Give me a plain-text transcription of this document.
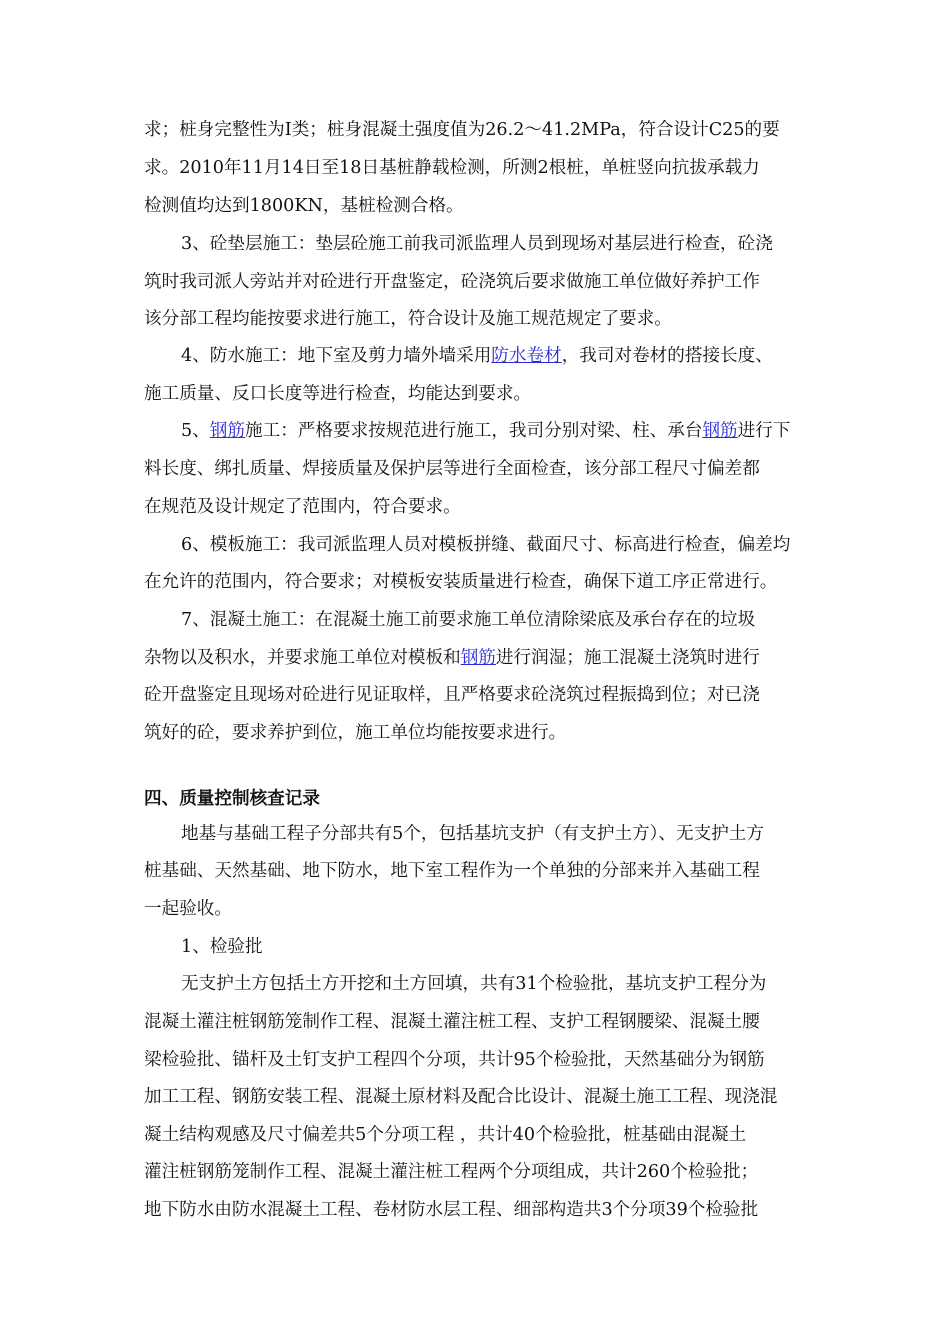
求；桩身完整性为Ⅰ类；桩身混凝土强度值为26.2～41.2MPa，符合设计C25的要
求。2010年11月14日至18日基桩静载检测，所测2根桩，单桩竖向抗拔承载力
检测值均达到1800KN，基桩检测合格。
3、砼垫层施工：垫层砼施工前我司派监理人员到现场对基层进行检查，砼浇
筑时我司派人旁站并对砼进行开盘鉴定，砼浇筑后要求做施工单位做好养护工作
该分部工程均能按要求进行施工，符合设计及施工规范规定了要求。
4、防水施工：地下室及剪力墙外墙采用防水卷材，我司对卷材的搭接长度、
施工质量、反口长度等进行检查，均能达到要求。
5、钢筋施工：严格要求按规范进行施工，我司分别对梁、柱、承台钢筋进行下
料长度、绑扎质量、焊接质量及保护层等进行全面检查，该分部工程尺寸偏差都
在规范及设计规定了范围内，符合要求。
6、模板施工：我司派监理人员对模板拼缝、截面尺寸、标高进行检查，偏差均
在允许的范围内，符合要求；对模板安装质量进行检查，确保下道工序正常进行。
7、混凝土施工：在混凝土施工前要求施工单位清除梁底及承台存在的垃圾
杂物以及积水，并要求施工单位对模板和钢筋进行润湿；施工混凝土浇筑时进行
砼开盘鉴定且现场对砼进行见证取样，且严格要求砼浇筑过程振捣到位；对已浇
筑好的砼，要求养护到位，施工单位均能按要求进行。
四、质量控制核查记录
地基与基础工程子分部共有5个，包括基坑支护（有支护土方）、无支护土方
桩基础、天然基础、地下防水，地下室工程作为一个单独的分部来并入基础工程
一起验收。
1、检验批
无支护土方包括土方开挖和土方回填，共有31个检验批，基坑支护工程分为
混凝土灌注桩钢筋笼制作工程、混凝土灌注桩工程、支护工程钢腰梁、混凝土腰
梁检验批、锚杆及土钉支护工程四个分项，共计95个检验批，天然基础分为钢筋
加工工程、钢筋安装工程、混凝土原材料及配合比设计、混凝土施工工程、现浇混
凝土结构观感及尺寸偏差共5个分项工程 ，共计40个检验批，桩基础由混凝土
灌注桩钢筋笼制作工程、混凝土灌注桩工程两个分项组成，共计260个检验批；
地下防水由防水混凝土工程、卷材防水层工程、细部构造共3个分项39个检验批
